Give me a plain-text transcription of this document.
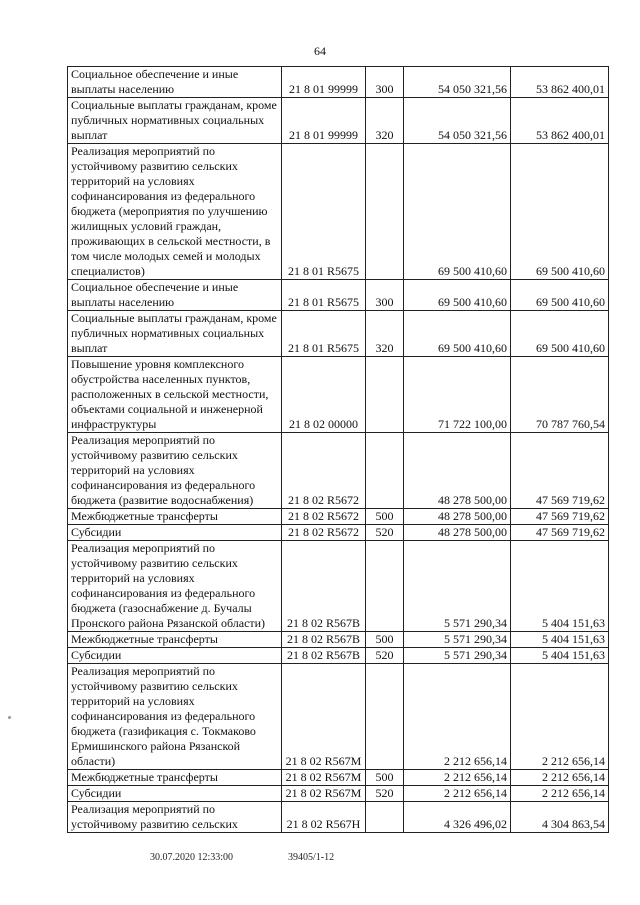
64
Социальное обеспечение и иные выплаты населению	21 8 01 99999	300	54 050 321,56	53 862 400,01
Социальные выплаты гражданам, кроме публичных нормативных социальных выплат	21 8 01 99999	320	54 050 321,56	53 862 400,01
Реализация мероприятий по устойчивому развитию сельских территорий на условиях софинансирования из федерального бюджета (мероприятия по улучшению жилищных условий граждан, проживающих в сельской местности, в том числе молодых семей и молодых специалистов)	21 8 01 R5675		69 500 410,60	69 500 410,60
Социальное обеспечение и иные выплаты населению	21 8 01 R5675	300	69 500 410,60	69 500 410,60
Социальные выплаты гражданам, кроме публичных нормативных социальных выплат	21 8 01 R5675	320	69 500 410,60	69 500 410,60
Повышение уровня комплексного обустройства населенных пунктов, расположенных в сельской местности, объектами социальной и инженерной инфраструктуры	21 8 02 00000		71 722 100,00	70 787 760,54
Реализация мероприятий по устойчивому развитию сельских территорий на условиях софинансирования из федерального бюджета (развитие водоснабжения)	21 8 02 R5672		48 278 500,00	47 569 719,62
Межбюджетные трансферты	21 8 02 R5672	500	48 278 500,00	47 569 719,62
Субсидии	21 8 02 R5672	520	48 278 500,00	47 569 719,62
Реализация мероприятий по устойчивому развитию сельских территорий на условиях софинансирования из федерального бюджета (газоснабжение д. Бучалы Пронского района Рязанской области)	21 8 02 R567B		5 571 290,34	5 404 151,63
Межбюджетные трансферты	21 8 02 R567B	500	5 571 290,34	5 404 151,63
Субсидии	21 8 02 R567B	520	5 571 290,34	5 404 151,63
Реализация мероприятий по устойчивому развитию сельских территорий на условиях софинансирования из федерального бюджета (газификация с. Токмаково Ермишинского района Рязанской области)	21 8 02 R567M		2 212 656,14	2 212 656,14
Межбюджетные трансферты	21 8 02 R567M	500	2 212 656,14	2 212 656,14
Субсидии	21 8 02 R567M	520	2 212 656,14	2 212 656,14
Реализация мероприятий по устойчивому развитию сельских	21 8 02 R567H		4 326 496,02	4 304 863,54
30.07.2020 12:33:00	39405/1-12
